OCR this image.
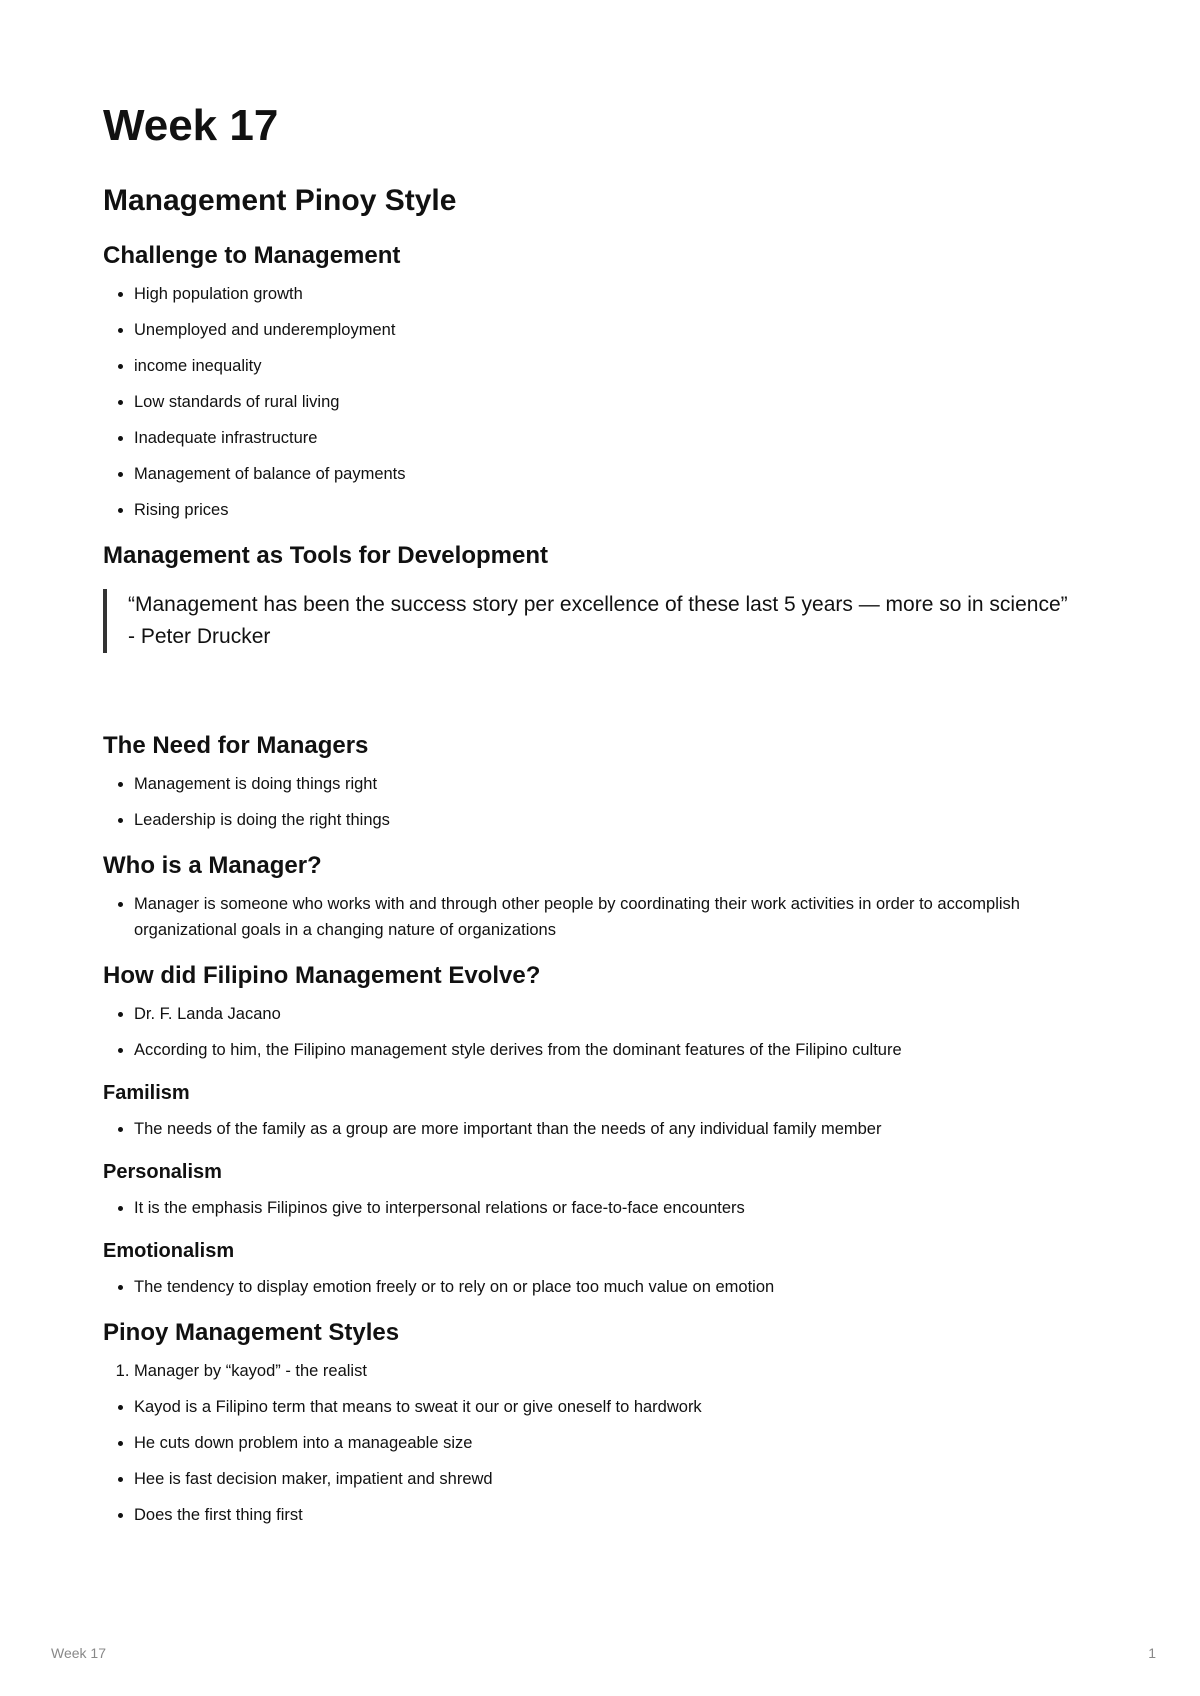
Week 17
Management Pinoy Style
Challenge to Management
• High population growth
• Unemployed and underemployment
• income inequality
• Low standards of rural living
• Inadequate infrastructure
• Management of balance of payments
• Rising prices
Management as Tools for Development
“Management has been the success story per excellence of these last 5 years — more so in science”
- Peter Drucker
The Need for Managers
• Management is doing things right
• Leadership is doing the right things
Who is a Manager?
• Manager is someone who works with and through other people by coordinating their work activities in order to accomplish organizational goals in a changing nature of organizations
How did Filipino Management Evolve?
• Dr. F. Landa Jacano
• According to him, the Filipino management style derives from the dominant features of the Filipino culture
Familism
• The needs of the family as a group are more important than the needs of any individual family member
Personalism
• It is the emphasis Filipinos give to interpersonal relations or face-to-face encounters
Emotionalism
• The tendency to display emotion freely or to rely on or place too much value on emotion
Pinoy Management Styles
1. Manager by “kayod” - the realist
• Kayod is a Filipino term that means to sweat it our or give oneself to hardwork
• He cuts down problem into a manageable size
• Hee is fast decision maker, impatient and shrewd
• Does the first thing first
Week 17	1
